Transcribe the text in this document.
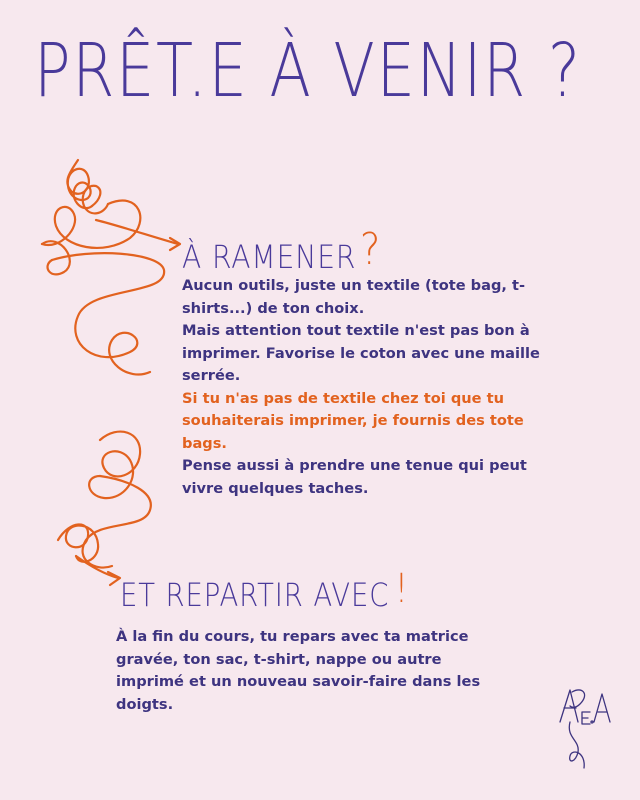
PRÊT.E À VENIR ?
À RAMENER?

Aucun outils, juste un textile (tote bag, t-shirts...) de ton choix.

Mais attention tout textile n'est pas bon à imprimer. Favorise le coton avec une maille serrée.

Si tu n'as pas de textile chez toi que tu souhaiterais imprimer, je fournis des tote bags.

Pense aussi à prendre une tenue qui peut vivre quelques taches.

ET REPARTIR AVEC !

À la fin du cours, tu repars avec ta matrice gravée, ton sac, t-shirt, nappe ou autre imprimé et un nouveau savoir-faire dans les doigts.
